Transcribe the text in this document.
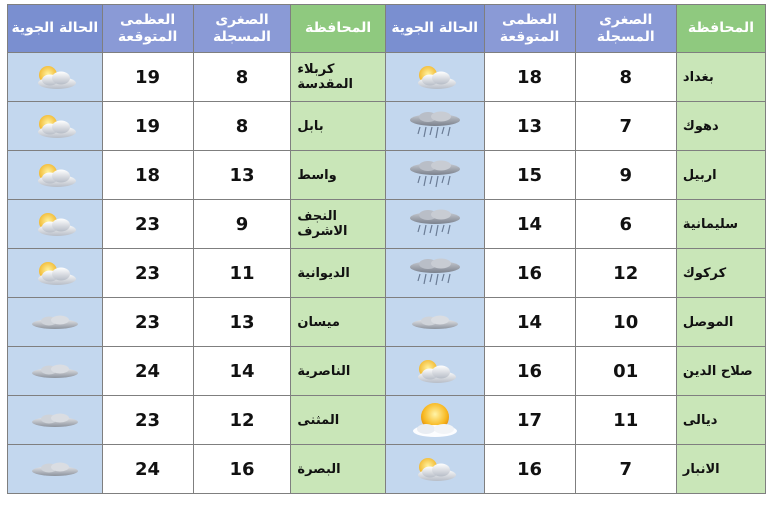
المحافظة	الصغرى المسجلة	العظمى المتوقعة	الحالة الجوية	المحافظة	الصغرى المسجلة	العظمى المتوقعة	الحالة الجوية
بغداد	8	18		كربلاء المقدسة	8	19	
دهوك	7	13		بابل	8	19	
اربيل	9	15		واسط	13	18	
سليمانية	6	14		النجف الاشرف	9	23	
كركوك	12	16		الديوانية	11	23	
الموصل	10	14		ميسان	13	23	
صلاح الدين	01	16		الناصرية	14	24	
ديالى	11	17		المثنى	12	23	
الانبار	7	16		البصرة	16	24	
